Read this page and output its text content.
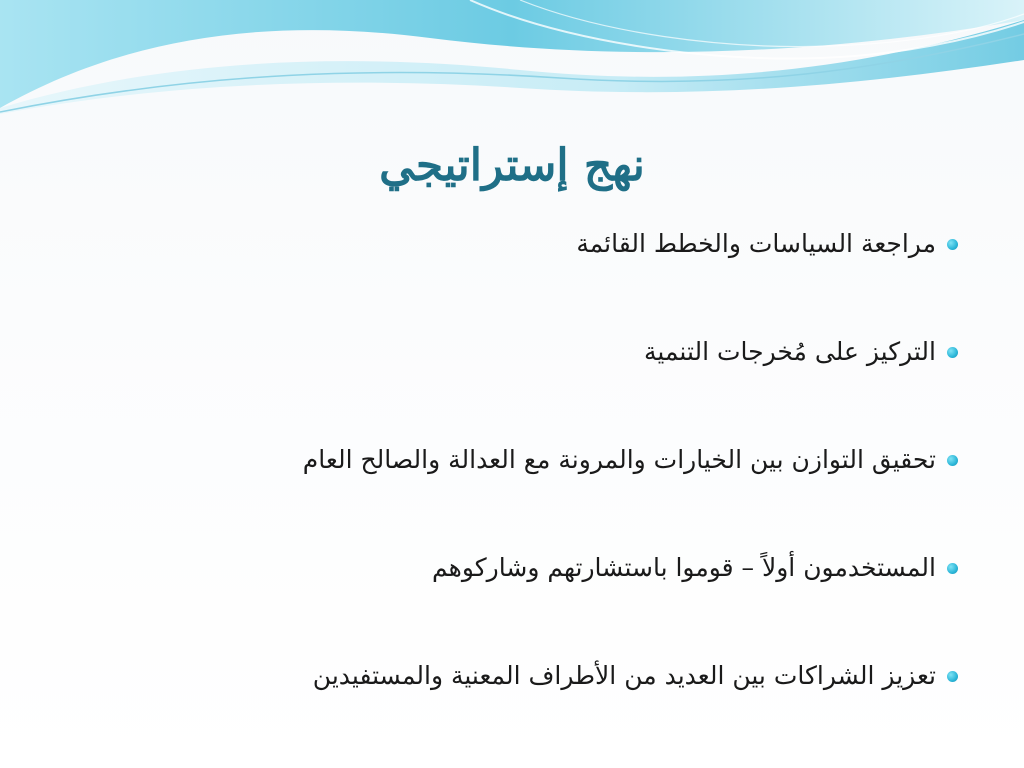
نهج إستراتيجي
مراجعة السياسات والخطط القائمة
التركيز على مُخرجات التنمية
تحقيق التوازن بين الخيارات والمرونة مع العدالة والصالح العام
المستخدمون أولاً – قوموا باستشارتهم وشاركوهم
تعزيز الشراكات بين العديد من الأطراف المعنية والمستفيدين
